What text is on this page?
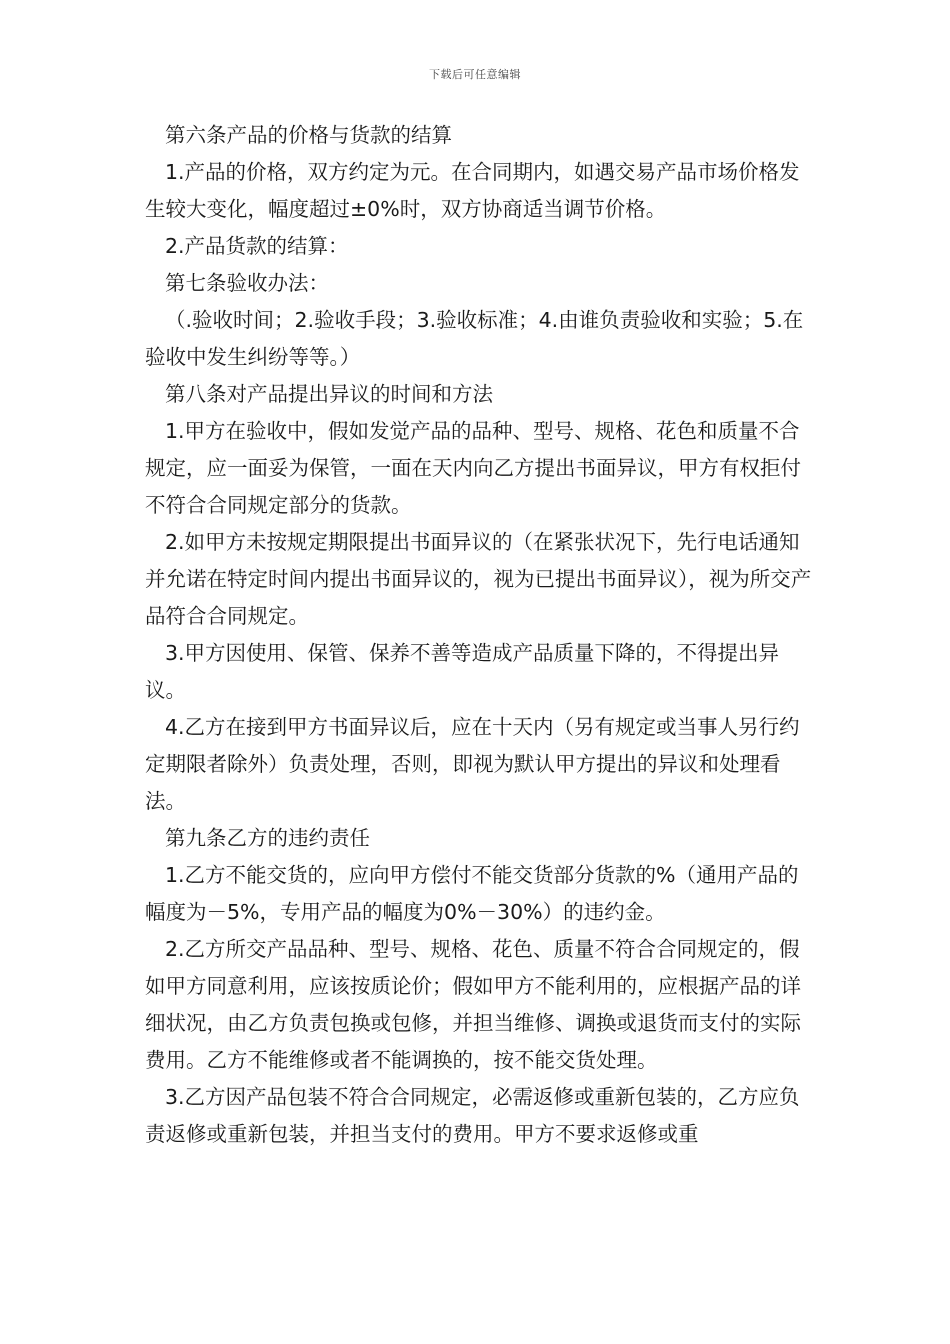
下载后可任意编辑

第六条产品的价格与货款的结算

1.产品的价格，双方约定为元。在合同期内，如遇交易产品市场价格发生较大变化，幅度超过±0%时，双方协商适当调节价格。

2.产品货款的结算：

第七条验收办法：

（.验收时间；2.验收手段；3.验收标准；4.由谁负责验收和实验；5.在验收中发生纠纷等等。）

第八条对产品提出异议的时间和方法

1.甲方在验收中，假如发觉产品的品种、型号、规格、花色和质量不合规定，应一面妥为保管，一面在天内向乙方提出书面异议，甲方有权拒付不符合合同规定部分的货款。

2.如甲方未按规定期限提出书面异议的（在紧张状况下，先行电话通知并允诺在特定时间内提出书面异议的，视为已提出书面异议），视为所交产品符合合同规定。

3.甲方因使用、保管、保养不善等造成产品质量下降的，不得提出异议。

4.乙方在接到甲方书面异议后，应在十天内（另有规定或当事人另行约定期限者除外）负责处理，否则，即视为默认甲方提出的异议和处理看法。

第九条乙方的违约责任

1.乙方不能交货的，应向甲方偿付不能交货部分货款的%（通用产品的幅度为－5%，专用产品的幅度为0%－30%）的违约金。

2.乙方所交产品品种、型号、规格、花色、质量不符合合同规定的，假如甲方同意利用，应该按质论价；假如甲方不能利用的，应根据产品的详细状况，由乙方负责包换或包修，并担当维修、调换或退货而支付的实际费用。乙方不能维修或者不能调换的，按不能交货处理。

3.乙方因产品包装不符合合同规定，必需返修或重新包装的，乙方应负责返修或重新包装，并担当支付的费用。甲方不要求返修或重
